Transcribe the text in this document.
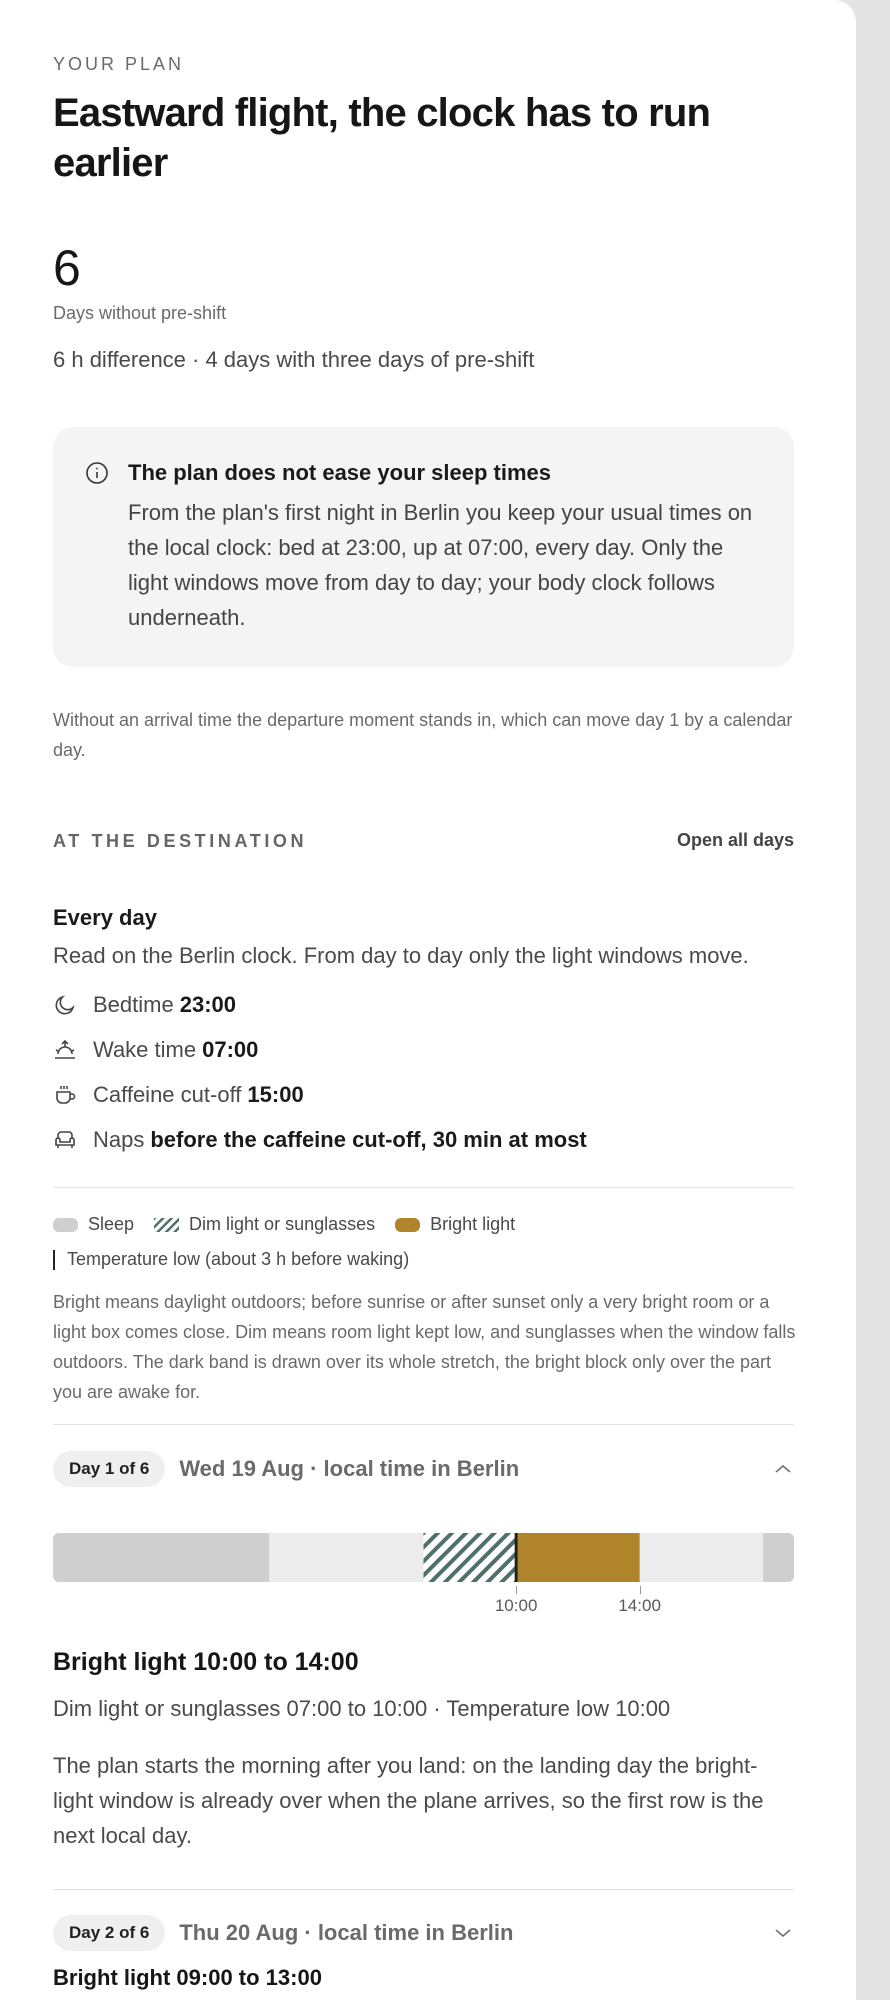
YOUR PLAN
Eastward flight, the clock has to run earlier
6
Days without pre-shift
6 h difference · 4 days with three days of pre-shift
The plan does not ease your sleep times
From the plan's first night in Berlin you keep your usual times on the local clock: bed at 23:00, up at 07:00, every day. Only the light windows move from day to day; your body clock follows underneath.
Without an arrival time the departure moment stands in, which can move day 1 by a calendar day.
AT THE DESTINATION	Open all days
Every day
Read on the Berlin clock. From day to day only the light windows move.
Bedtime 23:00
Wake time 07:00
Caffeine cut-off 15:00
Naps before the caffeine cut-off, 30 min at most
Sleep	Dim light or sunglasses	Bright light
Temperature low (about 3 h before waking)
Bright means daylight outdoors; before sunrise or after sunset only a very bright room or a light box comes close. Dim means room light kept low, and sunglasses when the window falls outdoors. The dark band is drawn over its whole stretch, the bright block only over the part you are awake for.
Day 1 of 6	Wed 19 Aug · local time in Berlin
10:00	14:00
Bright light 10:00 to 14:00
Dim light or sunglasses 07:00 to 10:00 · Temperature low 10:00
The plan starts the morning after you land: on the landing day the bright-light window is already over when the plane arrives, so the first row is the next local day.
Day 2 of 6	Thu 20 Aug · local time in Berlin
Bright light 09:00 to 13:00
